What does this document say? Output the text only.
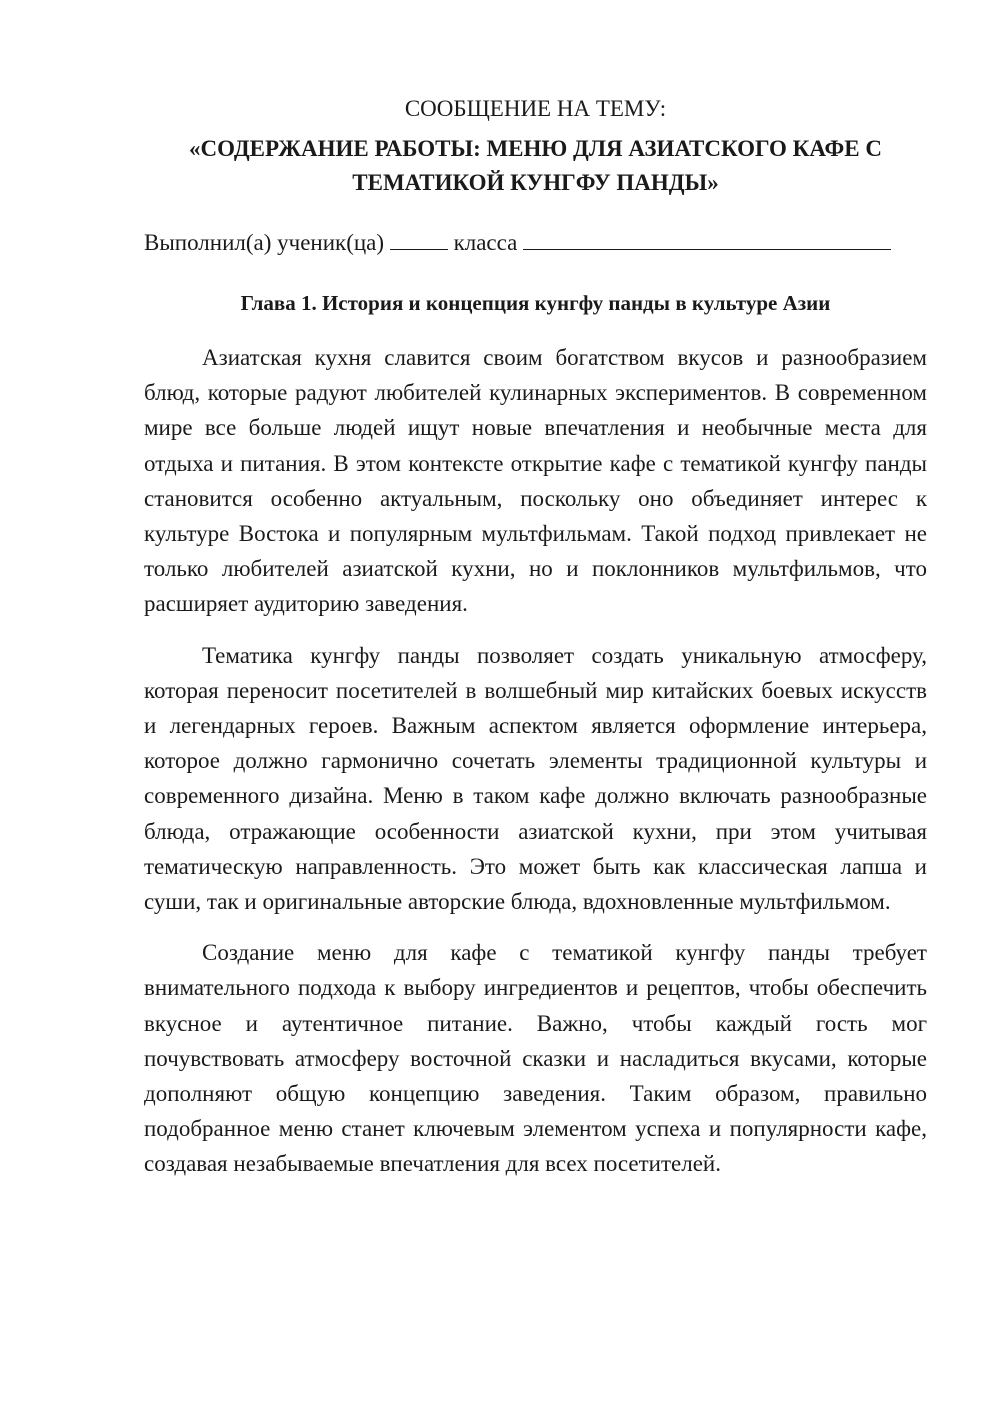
СООБЩЕНИЕ НА ТЕМУ:

«СОДЕРЖАНИЕ РАБОТЫ: МЕНЮ ДЛЯ АЗИАТСКОГО КАФЕ С
ТЕМАТИКОЙ КУНГФУ ПАНДЫ»

Выполнил(а) ученик(ца)	класса

Глава 1. История и концепция кунгфу панды в культуре Азии

Азиатская кухня славится своим богатством вкусов и разнообразием блюд, которые радуют любителей кулинарных экспериментов. В современном мире все больше людей ищут новые впечатления и необычные места для отдыха и питания. В этом контексте открытие кафе с тематикой кунгфу панды становится особенно актуальным, поскольку оно объединяет интерес к культуре Востока и популярным мультфильмам. Такой подход привлекает не только любителей азиатской кухни, но и поклонников мультфильмов, что расширяет аудиторию заведения.

Тематика кунгфу панды позволяет создать уникальную атмосферу, которая переносит посетителей в волшебный мир китайских боевых искусств и легендарных героев. Важным аспектом является оформление интерьера, которое должно гармонично сочетать элементы традиционной культуры и современного дизайна. Меню в таком кафе должно включать разнообразные блюда, отражающие особенности азиатской кухни, при этом учитывая тематическую направленность. Это может быть как классическая лапша и суши, так и оригинальные авторские блюда, вдохновленные мультфильмом.

Создание меню для кафе с тематикой кунгфу панды требует внимательного подхода к выбору ингредиентов и рецептов, чтобы обеспечить вкусное и аутентичное питание. Важно, чтобы каждый гость мог почувствовать атмосферу восточной сказки и насладиться вкусами, которые дополняют общую концепцию заведения. Таким образом, правильно подобранное меню станет ключевым элементом успеха и популярности кафе, создавая незабываемые впечатления для всех посетителей.
